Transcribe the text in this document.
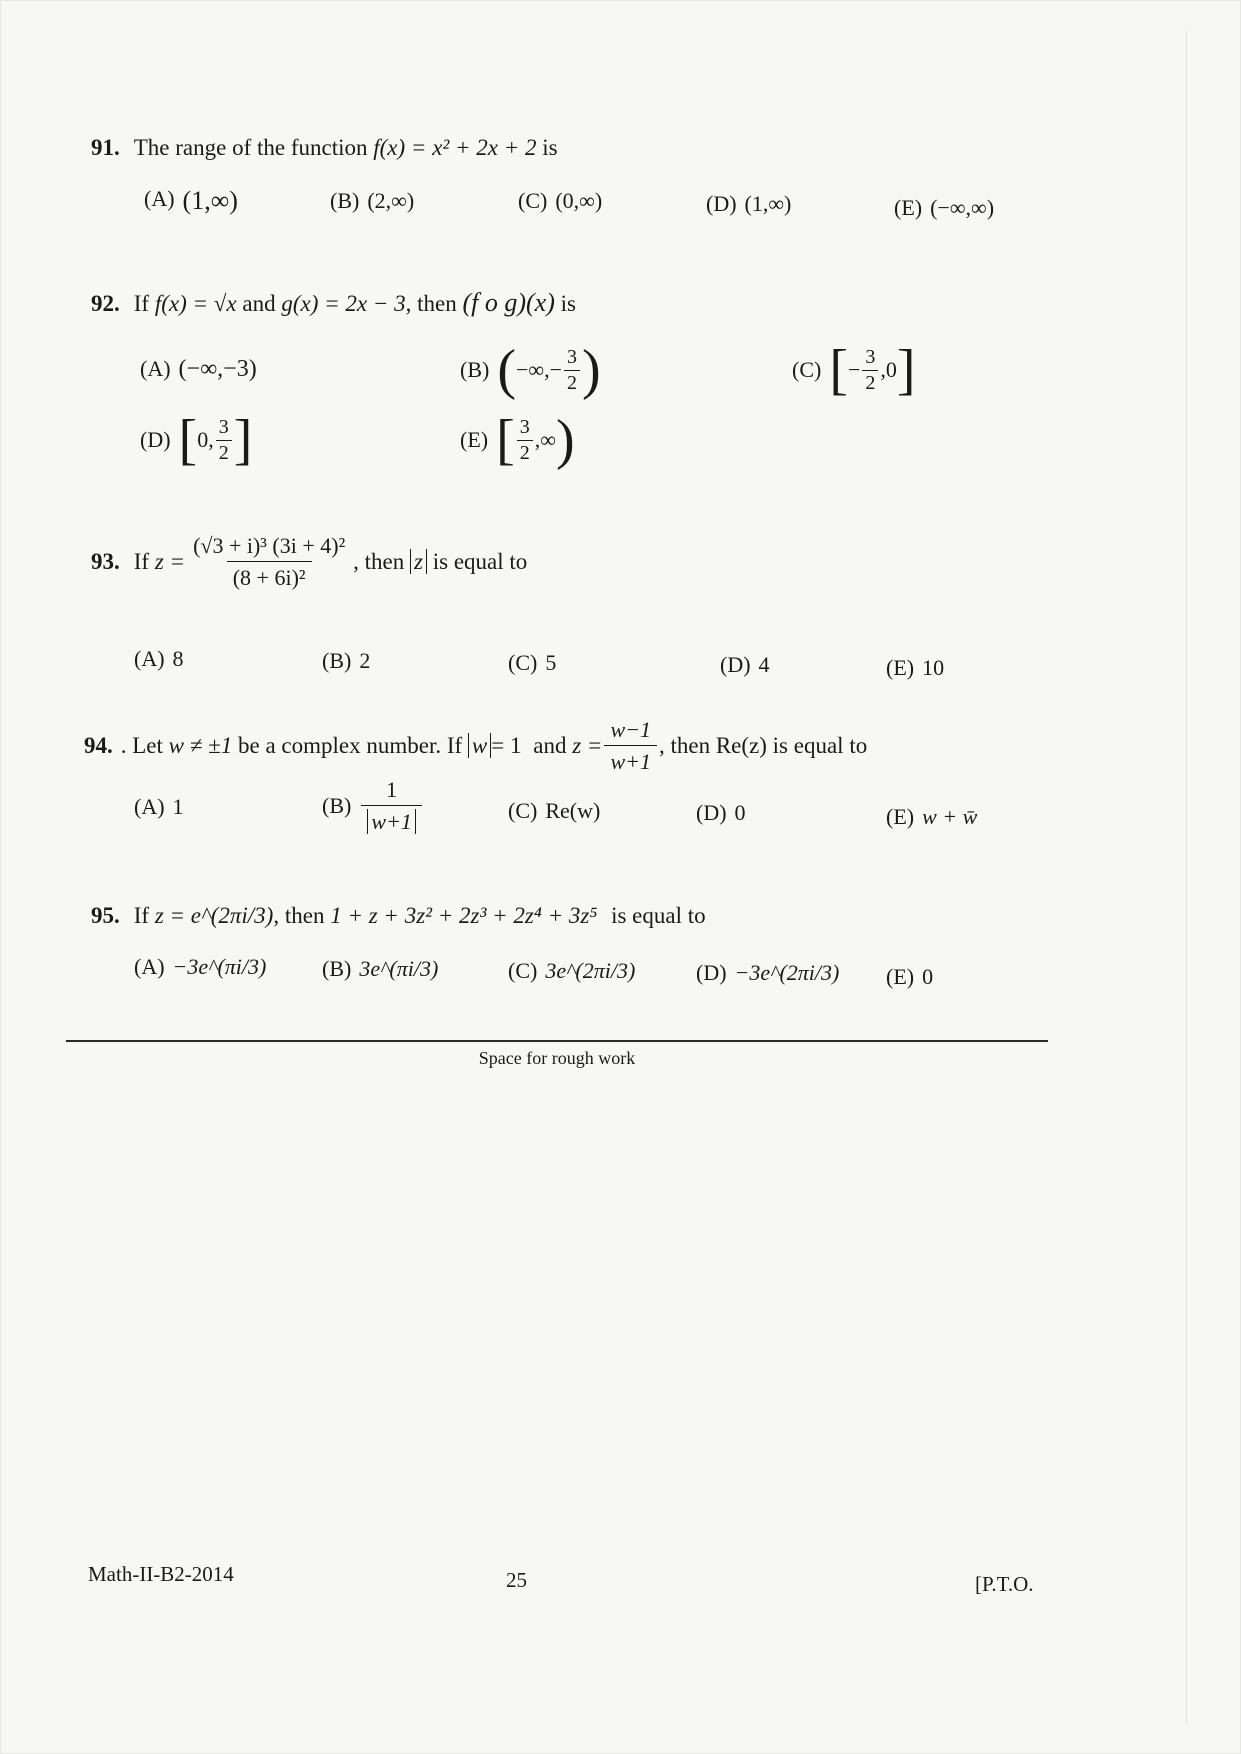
91. The range of the function f(x) = x² + 2x + 2 is
(A) (1,∞)	(B) (2,∞)	(C) (0,∞)	(D) (1,∞)	(E) (−∞,∞)
92. If f(x) = √x and g(x) = 2x − 3, then (f o g)(x) is
(A) (−∞,−3)	(B) (−∞,− $\frac{3}{2}$ )	(C) [− $\frac{3}{2} ,0$]
(D) [0, $\frac{3}{2}$ ]	(E) [ $\frac{3}{2}$ ,∞)
93. If $z = \frac{\text{(√3 + i)³ (3i + 4)²}}{\text{(8 + 6i)²}}$ , then z is equal to
(A) 8	(B) 2	(C) 5	(D) 4	(E) 10
94. . Let w ≠ ±1 be a complex number. If w = 1 and $z = \frac{w-1}{w+1}$ , then Re(z) is equal to
(A) 1	$(B) \frac{1}{w+1}$	(C) Re(w)	(D) 0	(E) w + w̄
95. If z = e^(2πi/3), then 1 + z + 3z² + 2z³ + 2z⁴ + 3z⁵ is equal to
(A) −3e^(πi/3)	(B) 3e^(πi/3)	(C) 3e^(2πi/3)	(D) −3e^(2πi/3) (E) 0
Space for rough work
Math-II-B2-2014	25	[P.T.O.
